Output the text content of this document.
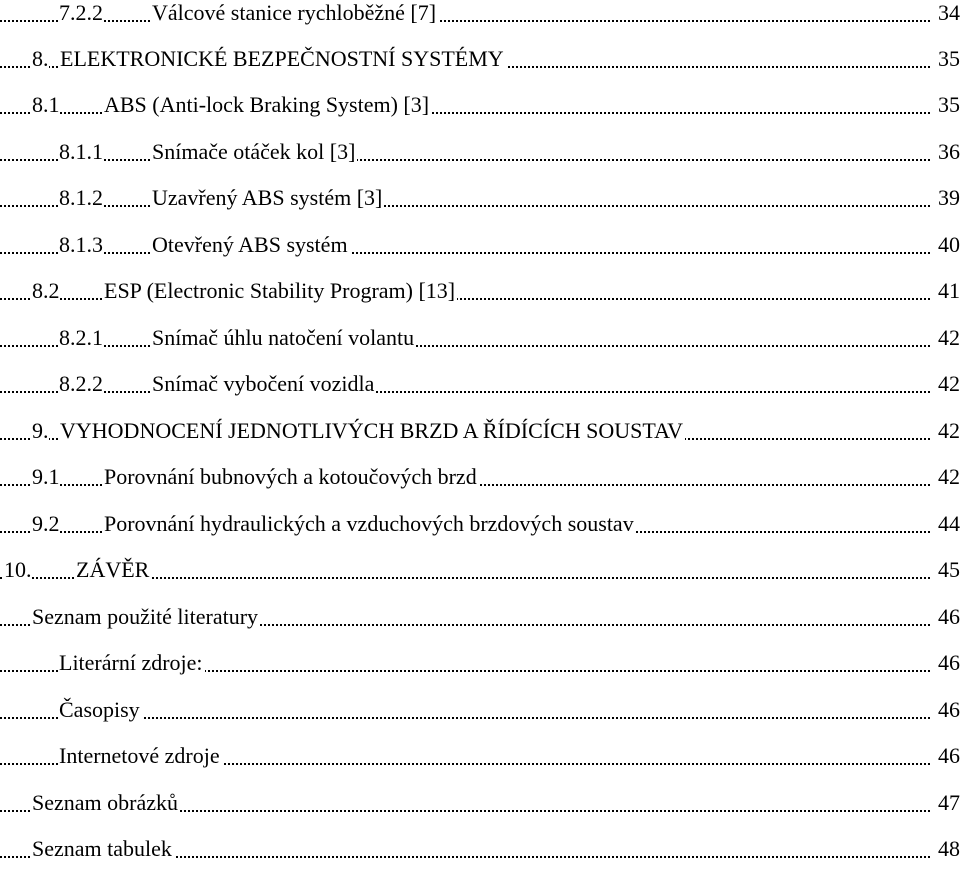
7.2.2 Válcové stanice rychloběžné [7]	34
8. ELEKTRONICKÉ BEZPEČNOSTNÍ SYSTÉMY	35
8.1 ABS (Anti-lock Braking System) [3]	35
8.1.1 Snímače otáček kol [3]	36
8.1.2 Uzavřený ABS systém [3]	39
8.1.3 Otevřený ABS systém	40
8.2 ESP (Electronic Stability Program) [13]	41
8.2.1 Snímač úhlu natočení volantu	42
8.2.2 Snímač vybočení vozidla	42
9. VYHODNOCENÍ JEDNOTLIVÝCH BRZD A ŘÍDÍCÍCH SOUSTAV	42
9.1 Porovnání bubnových a kotoučových brzd	42
9.2 Porovnání hydraulických a vzduchových brzdových soustav	44
10. ZÁVĚR	45
Seznam použité literatury	46
Literární zdroje:	46
Časopisy	46
Internetové zdroje	46
Seznam obrázků	47
Seznam tabulek	48
